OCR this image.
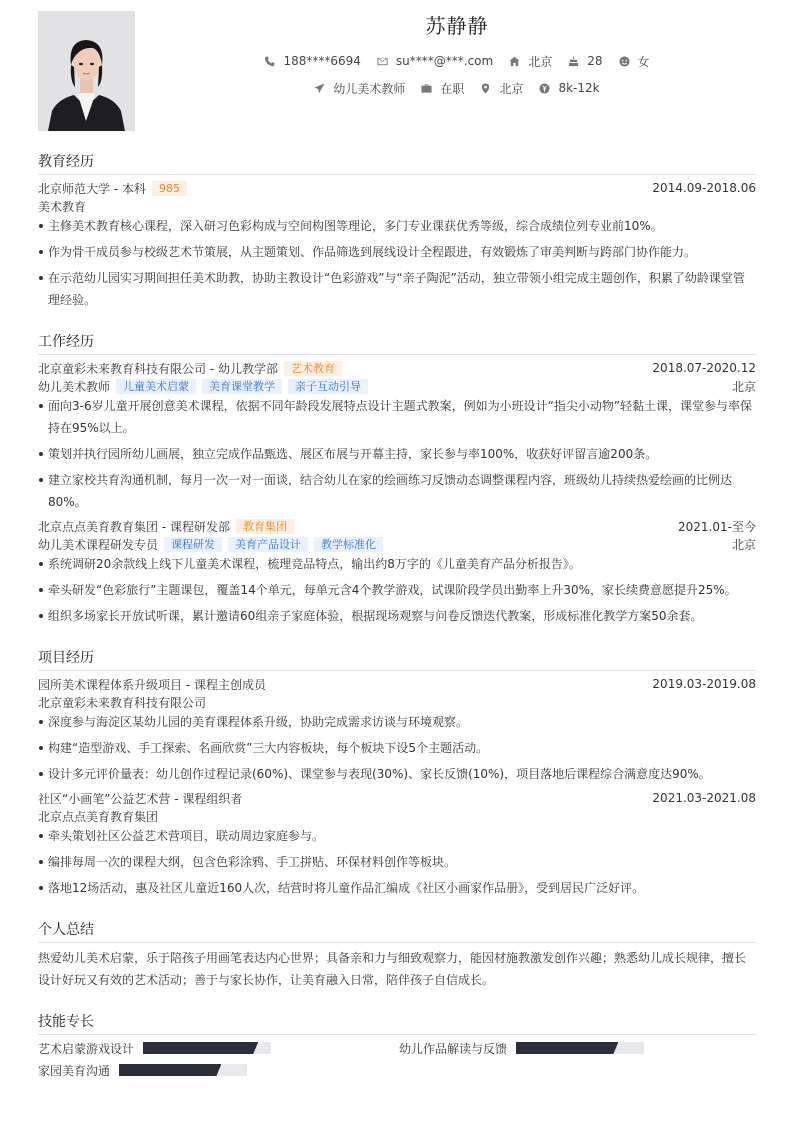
苏静静
188****6694	su****@***.com	北京	28	女
幼儿美术教师	在职	北京	8k-12k
教育经历
北京师范大学 - 本科	985	2014.09-2018.06
美术教育
主修美术教育核心课程，深入研习色彩构成与空间构图等理论，多门专业课获优秀等级，综合成绩位列专业前10%。
作为骨干成员参与校级艺术节策展，从主题策划、作品筛选到展线设计全程跟进，有效锻炼了审美判断与跨部门协作能力。
在示范幼儿园实习期间担任美术助教，协助主教设计“色彩游戏”与“亲子陶泥”活动，独立带领小组完成主题创作，积累了幼龄课堂管理经验。
工作经历
北京童彩未来教育科技有限公司 - 幼儿教学部	艺术教育	2018.07-2020.12
幼儿美术教师	儿童美术启蒙	美育课堂教学	亲子互动引导	北京
面向3-6岁儿童开展创意美术课程，依据不同年龄段发展特点设计主题式教案，例如为小班设计“指尖小动物”轻黏土课，课堂参与率保持在95%以上。
策划并执行园所幼儿画展，独立完成作品甄选、展区布展与开幕主持，家长参与率100%，收获好评留言逾200条。
建立家校共育沟通机制，每月一次一对一面谈，结合幼儿在家的绘画练习反馈动态调整课程内容，班级幼儿持续热爱绘画的比例达80%。
北京点点美育教育集团 - 课程研发部	教育集团	2021.01-至今
幼儿美术课程研发专员	课程研发	美育产品设计	教学标准化	北京
系统调研20余款线上线下儿童美术课程，梳理竞品特点，输出约8万字的《儿童美育产品分析报告》。
牵头研发“色彩旅行”主题课包，覆盖14个单元，每单元含4个教学游戏，试课阶段学员出勤率上升30%，家长续费意愿提升25%。
组织多场家长开放试听课，累计邀请60组亲子家庭体验，根据现场观察与问卷反馈迭代教案，形成标准化教学方案50余套。
项目经历
园所美术课程体系升级项目 - 课程主创成员	2019.03-2019.08
北京童彩未来教育科技有限公司
深度参与海淀区某幼儿园的美育课程体系升级，协助完成需求访谈与环境观察。
构建“造型游戏、手工探索、名画欣赏”三大内容板块，每个板块下设5个主题活动。
设计多元评价量表：幼儿创作过程记录(60%)、课堂参与表现(30%)、家长反馈(10%)，项目落地后课程综合满意度达90%。
社区“小画笔”公益艺术营 - 课程组织者	2021.03-2021.08
北京点点美育教育集团
牵头策划社区公益艺术营项目，联动周边家庭参与。
编排每周一次的课程大纲，包含色彩涂鸦、手工拼贴、环保材料创作等板块。
落地12场活动，惠及社区儿童近160人次，结营时将儿童作品汇编成《社区小画家作品册》，受到居民广泛好评。
个人总结
热爱幼儿美术启蒙，乐于陪孩子用画笔表达内心世界；具备亲和力与细致观察力，能因材施教激发创作兴趣；熟悉幼儿成长规律，擅长设计好玩又有效的艺术活动；善于与家长协作，让美育融入日常，陪伴孩子自信成长。
技能专长
艺术启蒙游戏设计	幼儿作品解读与反馈
家园美育沟通
